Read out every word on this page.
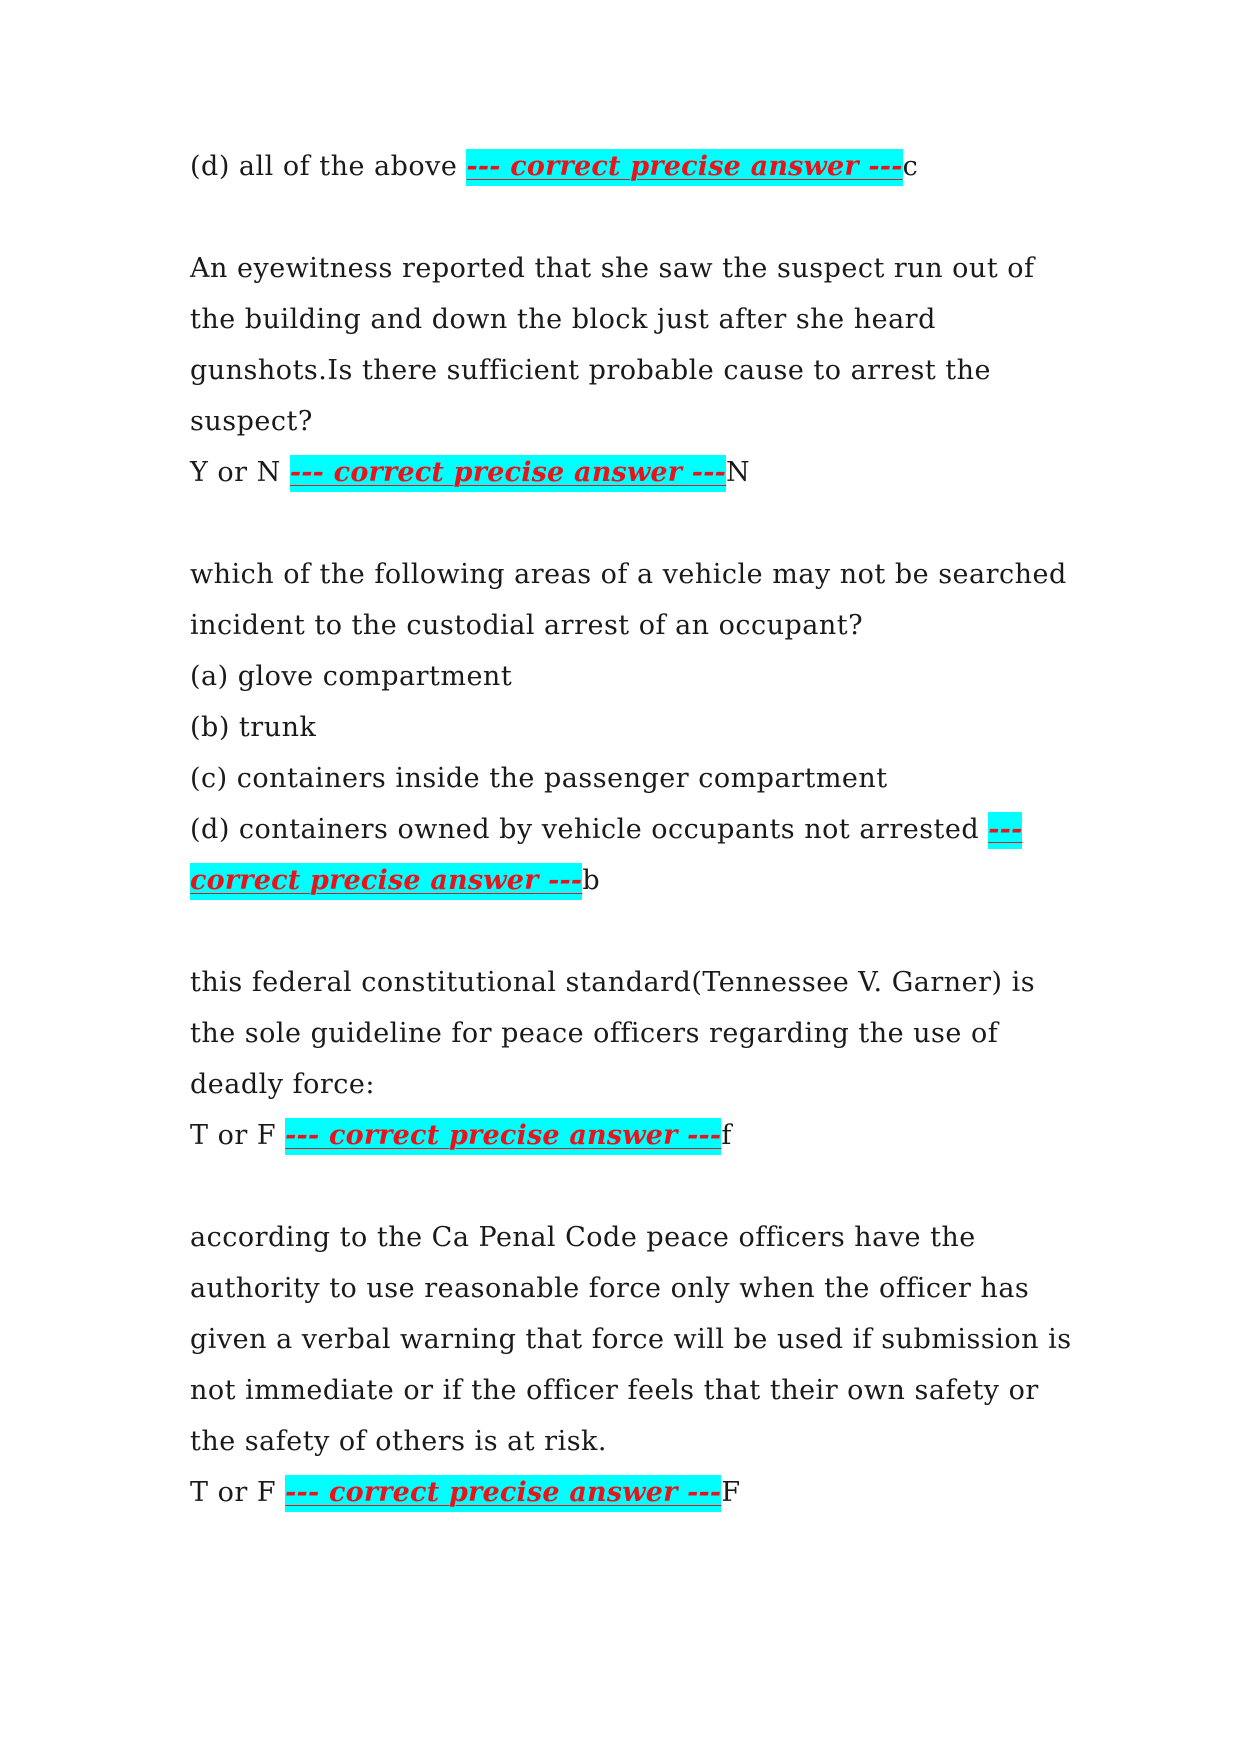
(d) all of the above --- correct precise answer ---c
An eyewitness reported that she saw the suspect run out of
the building and down the block just after she heard
gunshots.Is there sufficient probable cause to arrest the
suspect?
Y or N --- correct precise answer ---N
which of the following areas of a vehicle may not be searched
incident to the custodial arrest of an occupant?
(a) glove compartment
(b) trunk
(c) containers inside the passenger compartment
(d) containers owned by vehicle occupants not arrested ---
correct precise answer ---b
this federal constitutional standard(Tennessee V. Garner) is
the sole guideline for peace officers regarding the use of
deadly force:
T or F --- correct precise answer ---f
according to the Ca Penal Code peace officers have the
authority to use reasonable force only when the officer has
given a verbal warning that force will be used if submission is
not immediate or if the officer feels that their own safety or
the safety of others is at risk.
T or F --- correct precise answer ---F
